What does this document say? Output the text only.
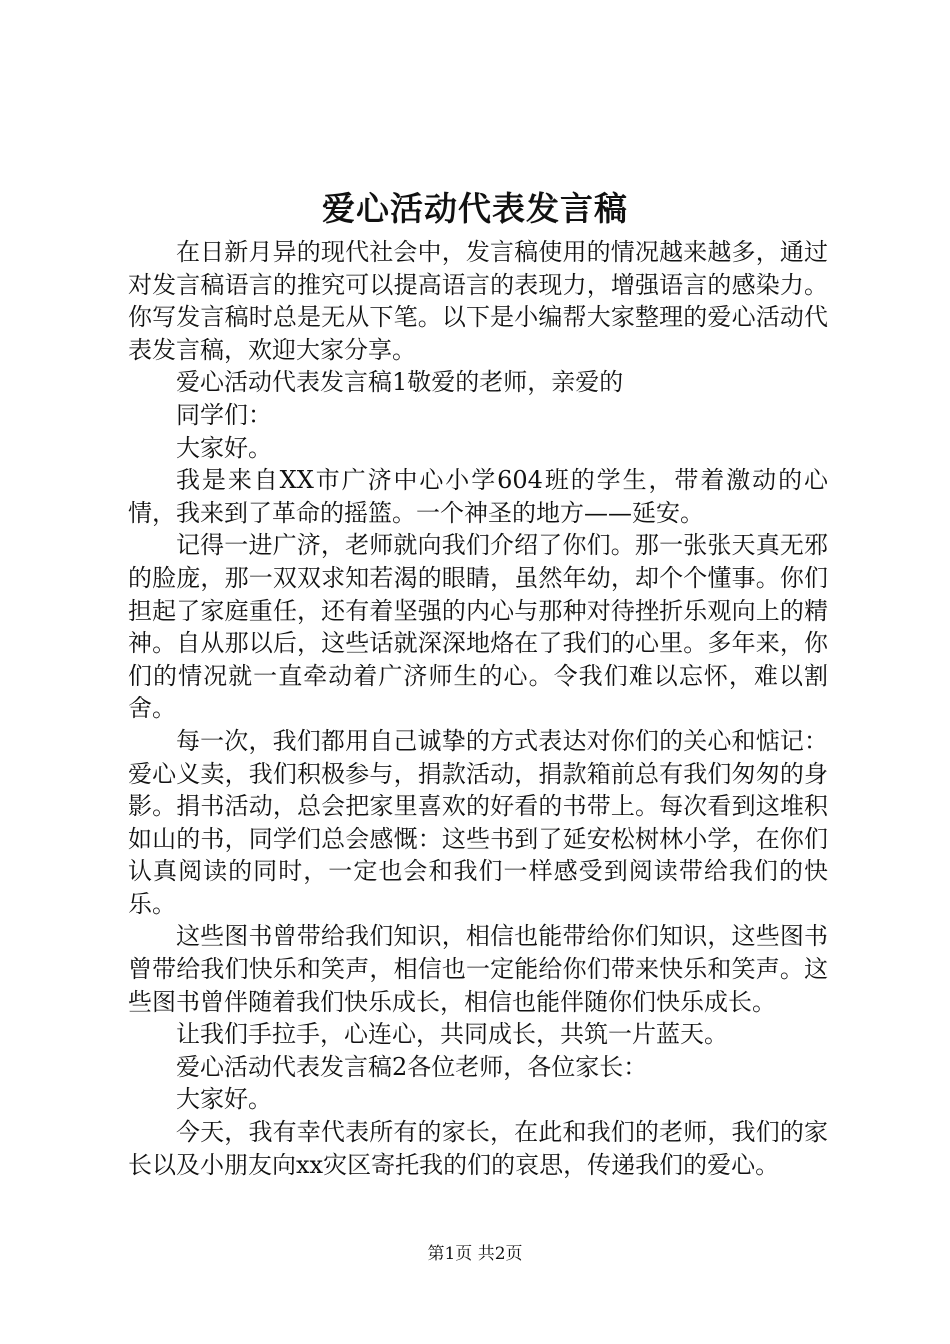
爱心活动代表发言稿

在日新月异的现代社会中，发言稿使用的情况越来越多，通过对发言稿语言的推究可以提高语言的表现力，增强语言的感染力。你写发言稿时总是无从下笔。以下是小编帮大家整理的爱心活动代表发言稿，欢迎大家分享。

爱心活动代表发言稿1敬爱的老师，亲爱的

同学们：

大家好。

我是来自XX市广济中心小学604班的学生，带着激动的心情，我来到了革命的摇篮。一个神圣的地方——延安。

记得一进广济，老师就向我们介绍了你们。那一张张天真无邪的脸庞，那一双双求知若渴的眼睛，虽然年幼，却个个懂事。你们担起了家庭重任，还有着坚强的内心与那种对待挫折乐观向上的精神。自从那以后，这些话就深深地烙在了我们的心里。多年来，你们的情况就一直牵动着广济师生的心。令我们难以忘怀，难以割舍。

每一次，我们都用自己诚挚的方式表达对你们的关心和惦记：爱心义卖，我们积极参与，捐款活动，捐款箱前总有我们匆匆的身影。捐书活动，总会把家里喜欢的好看的书带上。每次看到这堆积如山的书，同学们总会感慨：这些书到了延安松树林小学，在你们认真阅读的同时，一定也会和我们一样感受到阅读带给我们的快乐。

这些图书曾带给我们知识，相信也能带给你们知识，这些图书曾带给我们快乐和笑声，相信也一定能给你们带来快乐和笑声。这些图书曾伴随着我们快乐成长，相信也能伴随你们快乐成长。

让我们手拉手，心连心，共同成长，共筑一片蓝天。

爱心活动代表发言稿2各位老师，各位家长：

大家好。

今天，我有幸代表所有的家长，在此和我们的老师，我们的家长以及小朋友向xx灾区寄托我的们的哀思，传递我们的爱心。

第1页 共2页
